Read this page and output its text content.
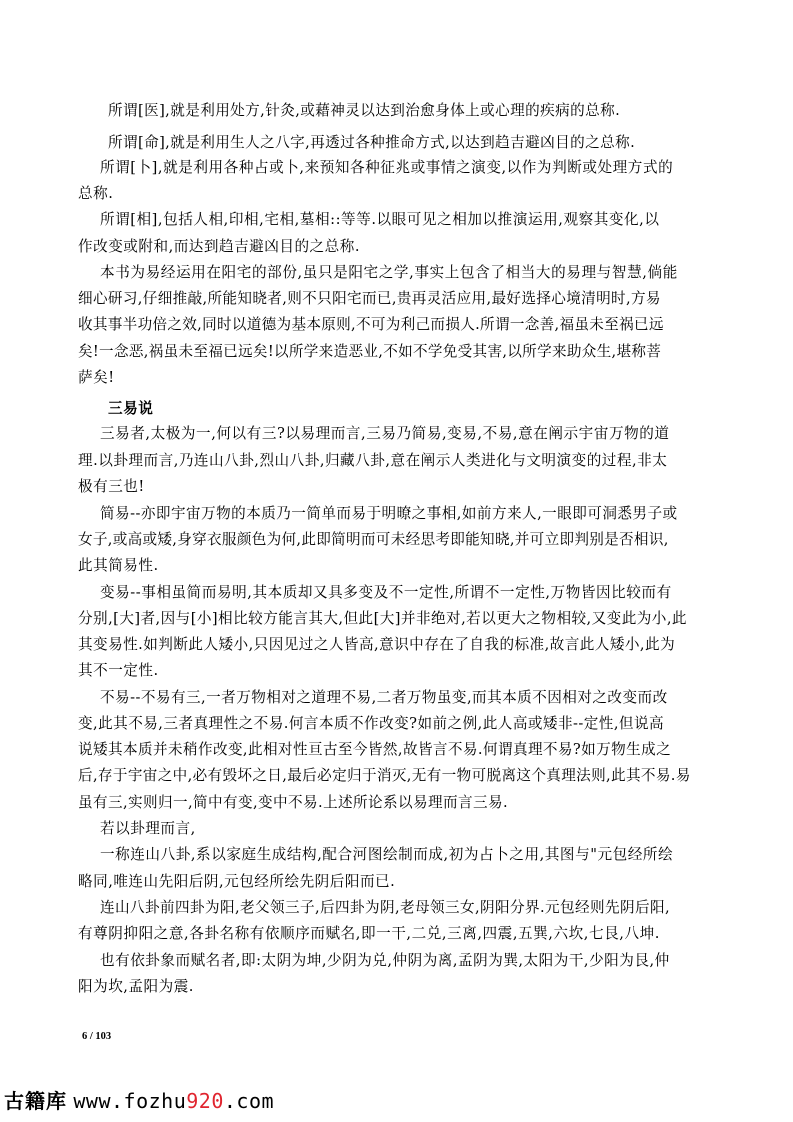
所谓[医],就是利用处方,针灸,或藉神灵以达到治愈身体上或心理的疾病的总称.
所谓[命],就是利用生人之八字,再透过各种推命方式,以达到趋吉避凶目的之总称.
所谓[卜],就是利用各种占或卜,来预知各种征兆或事情之演变,以作为判断或处理方式的
总称.
所谓[相],包括人相,印相,宅相,墓相::等等.以眼可见之相加以推演运用,观察其变化,以
作改变或附和,而达到趋吉避凶目的之总称.
本书为易经运用在阳宅的部份,虽只是阳宅之学,事实上包含了相当大的易理与智慧,倘能
细心研习,仔细推敲,所能知晓者,则不只阳宅而已,贵再灵活应用,最好选择心境清明时,方易
收其事半功倍之效,同时以道德为基本原则,不可为利己而损人.所谓一念善,福虽未至祸已远
矣!一念恶,祸虽未至福已远矣!以所学来造恶业,不如不学免受其害,以所学来助众生,堪称菩
萨矣!
三易说
三易者,太极为一,何以有三?以易理而言,三易乃简易,变易,不易,意在阐示宇宙万物的道
理.以卦理而言,乃连山八卦,烈山八卦,归藏八卦,意在阐示人类进化与文明演变的过程,非太
极有三也!
简易--亦即宇宙万物的本质乃一简单而易于明暸之事相,如前方来人,一眼即可洞悉男子或
女子,或高或矮,身穿衣服颜色为何,此即简明而可未经思考即能知晓,并可立即判别是否相识,
此其简易性.
变易--事相虽简而易明,其本质却又具多变及不一定性,所谓不一定性,万物皆因比较而有
分别,[大]者,因与[小]相比较方能言其大,但此[大]并非绝对,若以更大之物相较,又变此为小,此
其变易性.如判断此人矮小,只因见过之人皆高,意识中存在了自我的标准,故言此人矮小,此为
其不一定性.
不易--不易有三,一者万物相对之道理不易,二者万物虽变,而其本质不因相对之改变而改
变,此其不易,三者真理性之不易.何言本质不作改变?如前之例,此人高或矮非--定性,但说高
说矮其本质并未稍作改变,此相对性亘古至今皆然,故皆言不易.何谓真理不易?如万物生成之
后,存于宇宙之中,必有毁坏之日,最后必定归于消灭,无有一物可脱离这个真理法则,此其不易.易
虽有三,实则归一,简中有变,变中不易.上述所论系以易理而言三易.
若以卦理而言,
一称连山八卦,系以家庭生成结构,配合河图绘制而成,初为占卜之用,其图与"元包经所绘
略同,唯连山先阳后阴,元包经所绘先阴后阳而已.
连山八卦前四卦为阳,老父领三子,后四卦为阴,老母领三女,阴阳分界.元包经则先阴后阳,
有尊阴抑阳之意,各卦名称有依顺序而赋名,即一干,二兑,三离,四震,五巽,六坎,七艮,八坤.
也有依卦象而赋名者,即:太阴为坤,少阴为兑,仲阴为离,孟阴为巽,太阳为干,少阳为艮,仲
阳为坎,孟阳为震.
6 / 103
古籍库 www.fozhu920.com
